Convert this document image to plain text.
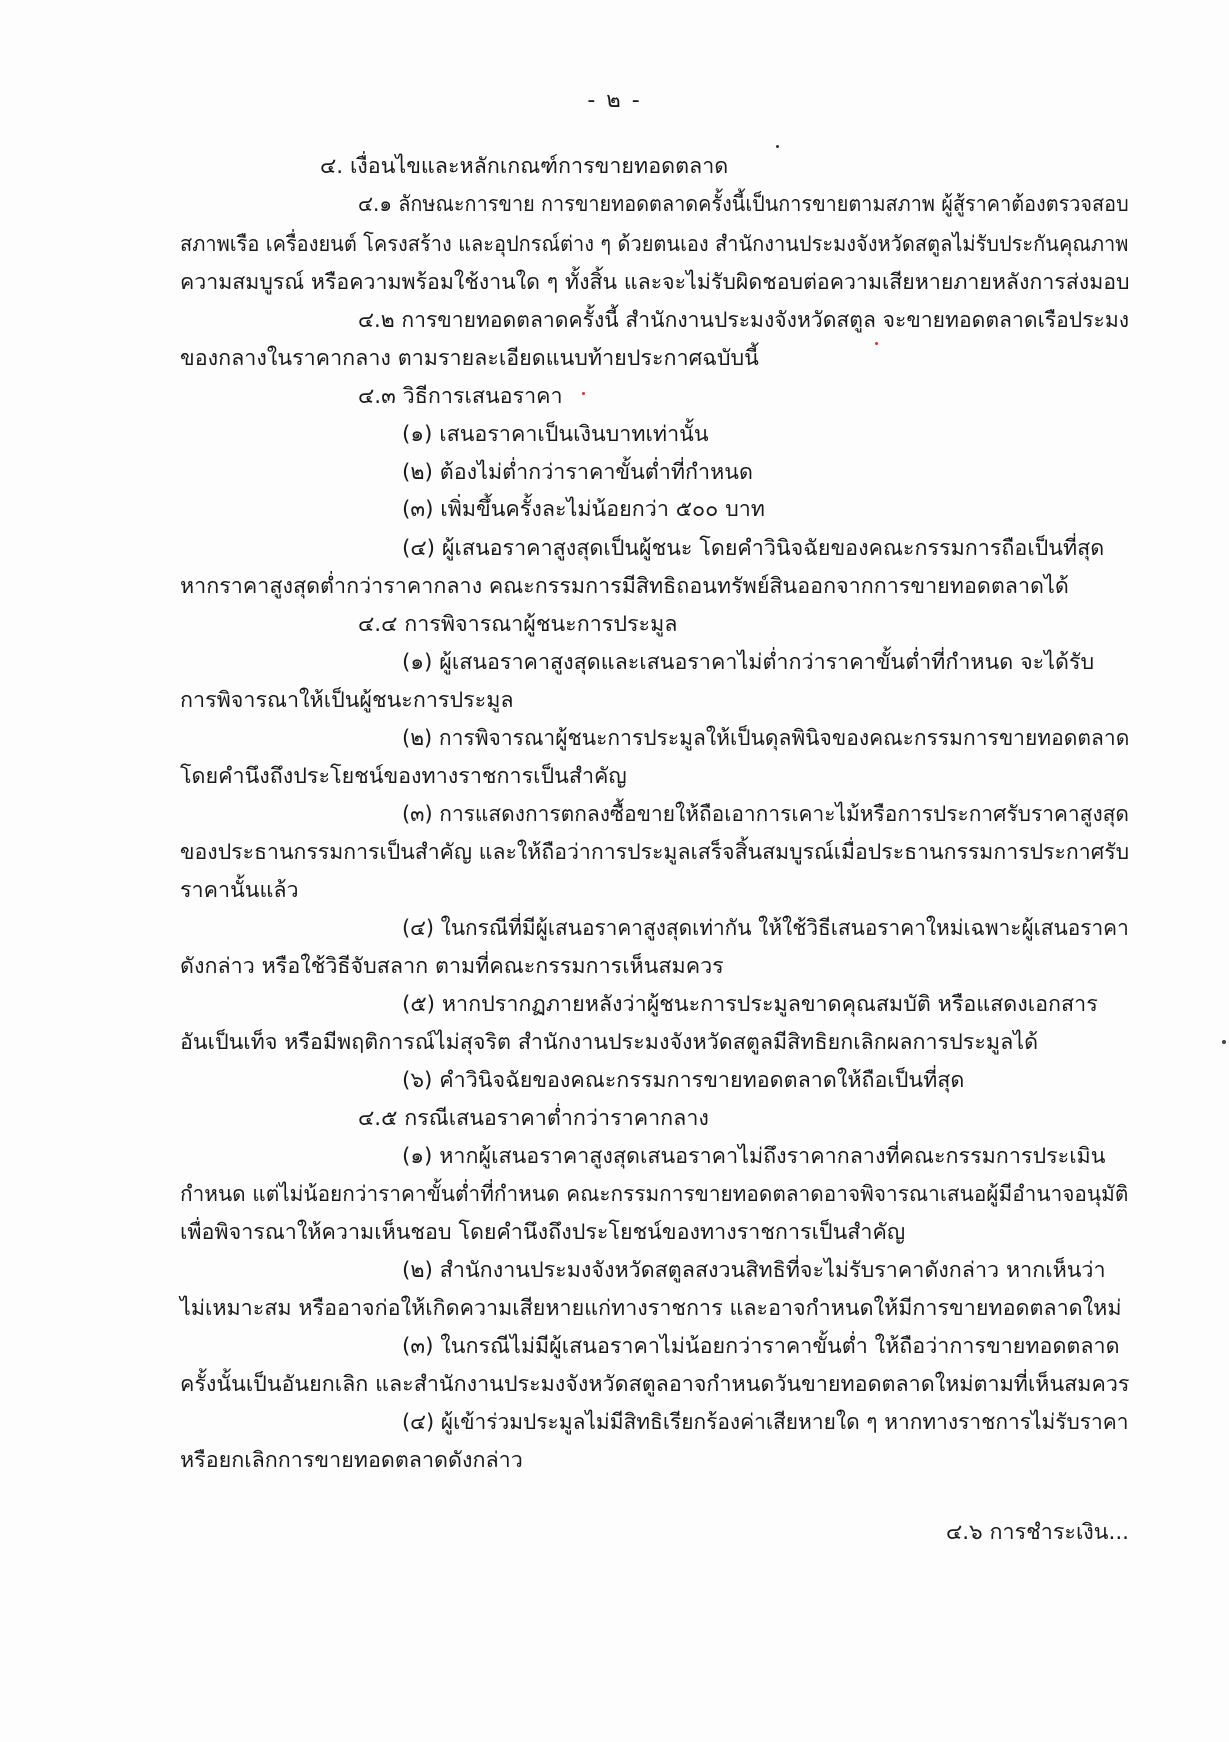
- ๒ -
๔. เงื่อนไขและหลักเกณฑ์การขายทอดตลาด
๔.๑ ลักษณะการขาย การขายทอดตลาดครั้งนี้เป็นการขายตามสภาพ ผู้สู้ราคาต้องตรวจสอบ
สภาพเรือ เครื่องยนต์ โครงสร้าง และอุปกรณ์ต่าง ๆ ด้วยตนเอง สำนักงานประมงจังหวัดสตูลไม่รับประกันคุณภาพ
ความสมบูรณ์ หรือความพร้อมใช้งานใด ๆ ทั้งสิ้น และจะไม่รับผิดชอบต่อความเสียหายภายหลังการส่งมอบ
๔.๒ การขายทอดตลาดครั้งนี้ สำนักงานประมงจังหวัดสตูล จะขายทอดตลาดเรือประมง
ของกลางในราคากลาง ตามรายละเอียดแนบท้ายประกาศฉบับนี้
๔.๓ วิธีการเสนอราคา
(๑) เสนอราคาเป็นเงินบาทเท่านั้น
(๒) ต้องไม่ต่ำกว่าราคาขั้นต่ำที่กำหนด
(๓) เพิ่มขึ้นครั้งละไม่น้อยกว่า ๕๐๐ บาท
(๔) ผู้เสนอราคาสูงสุดเป็นผู้ชนะ โดยคำวินิจฉัยของคณะกรรมการถือเป็นที่สุด
หากราคาสูงสุดต่ำกว่าราคากลาง คณะกรรมการมีสิทธิถอนทรัพย์สินออกจากการขายทอดตลาดได้
๔.๔ การพิจารณาผู้ชนะการประมูล
(๑) ผู้เสนอราคาสูงสุดและเสนอราคาไม่ต่ำกว่าราคาขั้นต่ำที่กำหนด จะได้รับ
การพิจารณาให้เป็นผู้ชนะการประมูล
(๒) การพิจารณาผู้ชนะการประมูลให้เป็นดุลพินิจของคณะกรรมการขายทอดตลาด
โดยคำนึงถึงประโยชน์ของทางราชการเป็นสำคัญ
(๓) การแสดงการตกลงซื้อขายให้ถือเอาการเคาะไม้หรือการประกาศรับราคาสูงสุด
ของประธานกรรมการเป็นสำคัญ และให้ถือว่าการประมูลเสร็จสิ้นสมบูรณ์เมื่อประธานกรรมการประกาศรับ
ราคานั้นแล้ว
(๔) ในกรณีที่มีผู้เสนอราคาสูงสุดเท่ากัน ให้ใช้วิธีเสนอราคาใหม่เฉพาะผู้เสนอราคา
ดังกล่าว หรือใช้วิธีจับสลาก ตามที่คณะกรรมการเห็นสมควร
(๕) หากปรากฏภายหลังว่าผู้ชนะการประมูลขาดคุณสมบัติ หรือแสดงเอกสาร
อันเป็นเท็จ หรือมีพฤติการณ์ไม่สุจริต สำนักงานประมงจังหวัดสตูลมีสิทธิยกเลิกผลการประมูลได้
(๖) คำวินิจฉัยของคณะกรรมการขายทอดตลาดให้ถือเป็นที่สุด
๔.๕ กรณีเสนอราคาต่ำกว่าราคากลาง
(๑) หากผู้เสนอราคาสูงสุดเสนอราคาไม่ถึงราคากลางที่คณะกรรมการประเมิน
กำหนด แต่ไม่น้อยกว่าราคาขั้นต่ำที่กำหนด คณะกรรมการขายทอดตลาดอาจพิจารณาเสนอผู้มีอำนาจอนุมัติ
เพื่อพิจารณาให้ความเห็นชอบ โดยคำนึงถึงประโยชน์ของทางราชการเป็นสำคัญ
(๒) สำนักงานประมงจังหวัดสตูลสงวนสิทธิที่จะไม่รับราคาดังกล่าว หากเห็นว่า
ไม่เหมาะสม หรืออาจก่อให้เกิดความเสียหายแก่ทางราชการ และอาจกำหนดให้มีการขายทอดตลาดใหม่
(๓) ในกรณีไม่มีผู้เสนอราคาไม่น้อยกว่าราคาขั้นต่ำ ให้ถือว่าการขายทอดตลาด
ครั้งนั้นเป็นอันยกเลิก และสำนักงานประมงจังหวัดสตูลอาจกำหนดวันขายทอดตลาดใหม่ตามที่เห็นสมควร
(๔) ผู้เข้าร่วมประมูลไม่มีสิทธิเรียกร้องค่าเสียหายใด ๆ หากทางราชการไม่รับราคา
หรือยกเลิกการขายทอดตลาดดังกล่าว
๔.๖ การชำระเงิน...
